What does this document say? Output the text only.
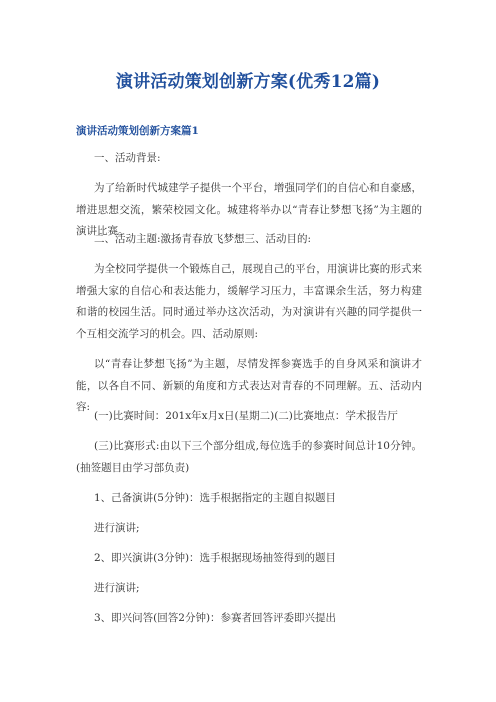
演讲活动策划创新方案(优秀12篇)
演讲活动策划创新方案篇1

一、活动背景:

为了给新时代城建学子提供一个平台，增强同学们的自信心和自豪感，增进思想交流，繁荣校园文化。城建将举办以“青春让梦想飞扬”为主题的演讲比赛。

二、活动主题:激扬青春放飞梦想三、活动目的:

为全校同学提供一个锻炼自己，展现自己的平台，用演讲比赛的形式来增强大家的自信心和表达能力，缓解学习压力，丰富课余生活，努力构建和谐的校园生活。同时通过举办这次活动，为对演讲有兴趣的同学提供一个互相交流学习的机会。四、活动原则:

以“青春让梦想飞扬”为主题，尽情发挥参赛选手的自身风采和演讲才能，以各自不同、新颖的角度和方式表达对青春的不同理解。五、活动内容:

(一)比赛时间：201x年x月x日(星期二)(二)比赛地点：学术报告厅

(三)比赛形式:由以下三个部分组成,每位选手的参赛时间总计10分钟。(抽签题目由学习部负责)

1、己备演讲(5分钟)：选手根据指定的主题自拟题目

进行演讲;

2、即兴演讲(3分钟)：选手根据现场抽签得到的题目

进行演讲;

3、即兴问答(回答2分钟)：参赛者回答评委即兴提出
